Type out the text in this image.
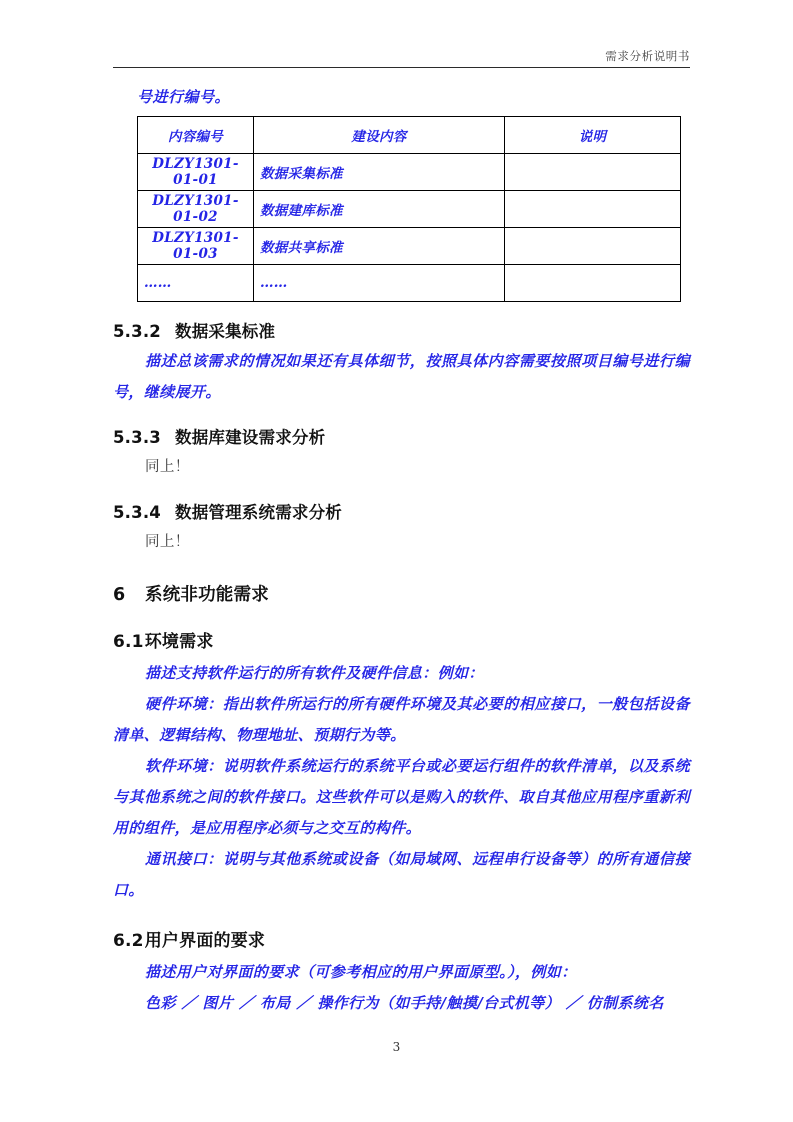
需求分析说明书
号进行编号。
内容编号	建设内容	说明
DLZY1301-01-01	数据采集标准	
DLZY1301-01-02	数据建库标准	
DLZY1301-01-03	数据共享标准	
……	……	
5.3.2 数据采集标准

描述总该需求的情况如果还有具体细节，按照具体内容需要按照项目编号进行编号，继续展开。

5.3.3 数据库建设需求分析

同上！

5.3.4 数据管理系统需求分析

同上！

6 系统非功能需求
6.1环境需求

描述支持软件运行的所有软件及硬件信息：例如：

硬件环境：指出软件所运行的所有硬件环境及其必要的相应接口，一般包括设备清单、逻辑结构、物理地址、预期行为等。

软件环境：说明软件系统运行的系统平台或必要运行组件的软件清单，以及系统与其他系统之间的软件接口。这些软件可以是购入的软件、取自其他应用程序重新利用的组件，是应用程序必须与之交互的构件。

通讯接口：说明与其他系统或设备（如局域网、远程串行设备等）的所有通信接口。

6.2用户界面的要求

描述用户对界面的要求（可参考相应的用户界面原型。），例如：

色彩 ／ 图片 ／ 布局 ／ 操作行为（如手持/触摸/台式机等） ／ 仿制系统名

3
